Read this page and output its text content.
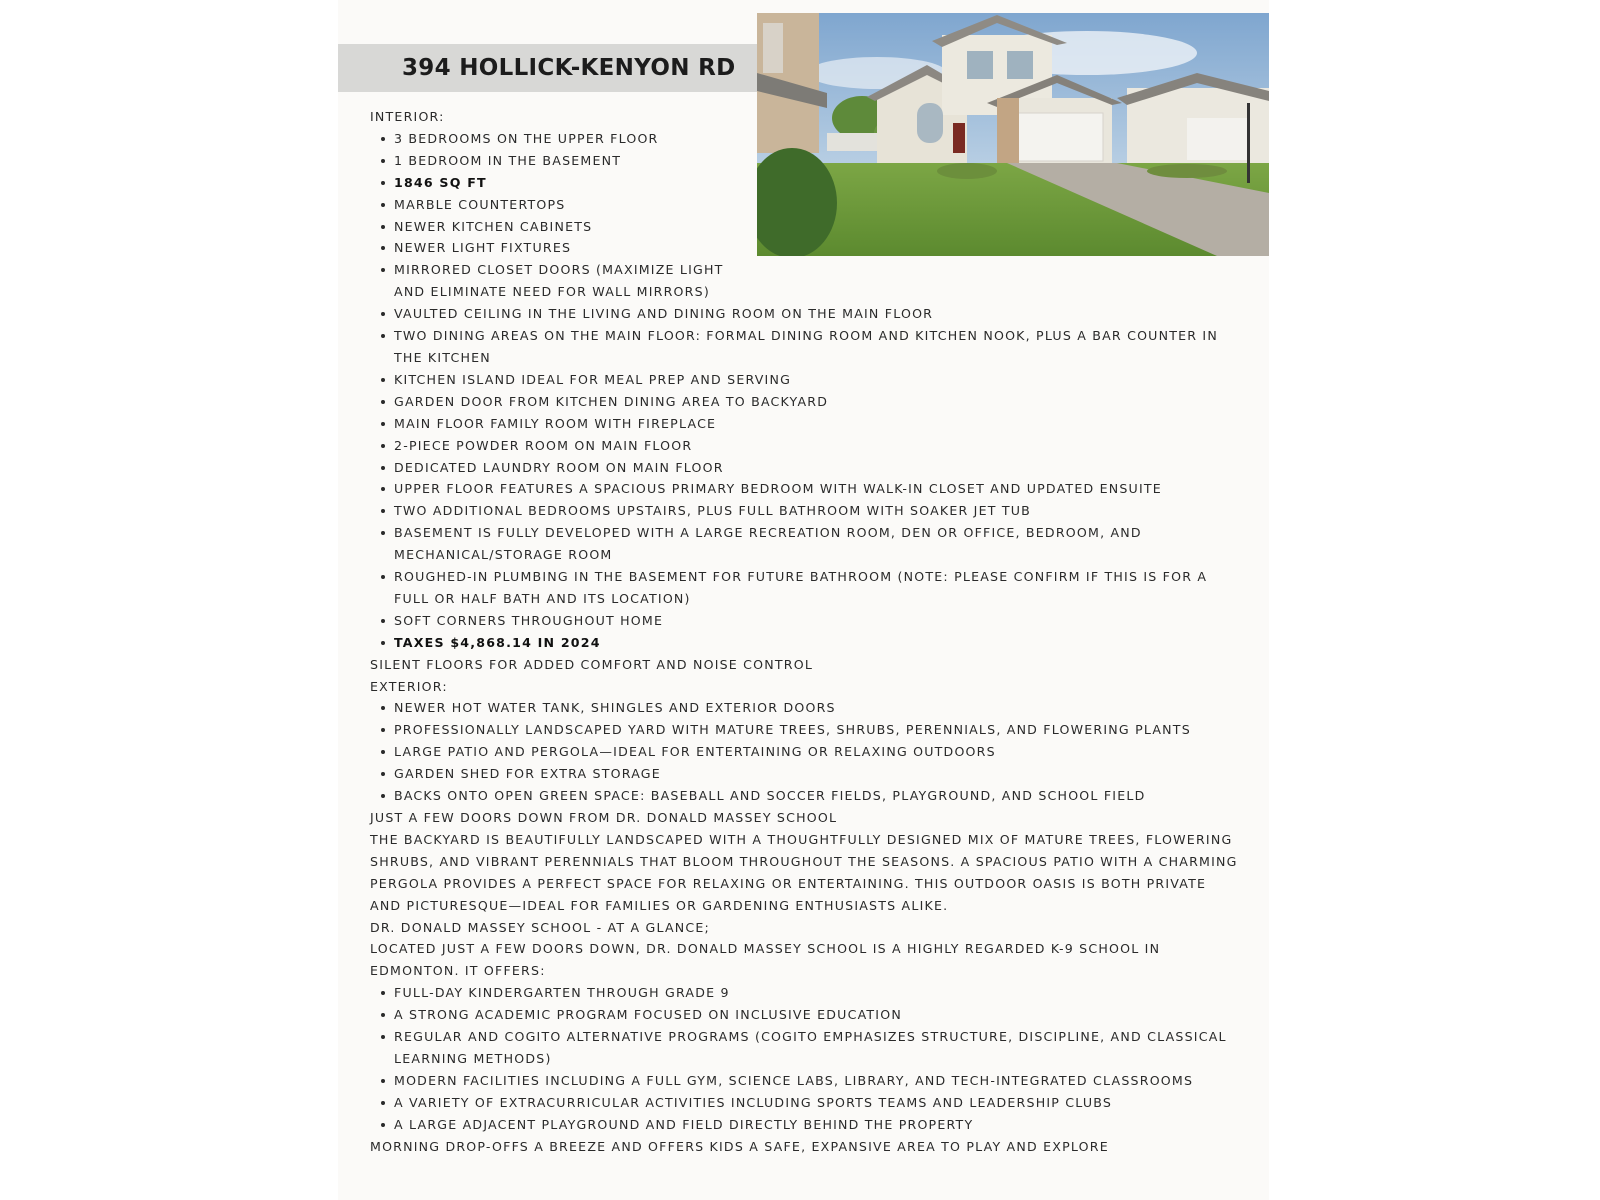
394 HOLLICK-KENYON RD

INTERIOR:

3 BEDROOMS ON THE UPPER FLOOR
1 BEDROOM IN THE BASEMENT
1846 SQ FT
MARBLE COUNTERTOPS
NEWER KITCHEN CABINETS
NEWER LIGHT FIXTURES
MIRRORED CLOSET DOORS (MAXIMIZE LIGHT AND ELIMINATE NEED FOR WALL MIRRORS)
VAULTED CEILING IN THE LIVING AND DINING ROOM ON THE MAIN FLOOR
TWO DINING AREAS ON THE MAIN FLOOR: FORMAL DINING ROOM AND KITCHEN NOOK, PLUS A BAR COUNTER IN THE KITCHEN
KITCHEN ISLAND IDEAL FOR MEAL PREP AND SERVING
GARDEN DOOR FROM KITCHEN DINING AREA TO BACKYARD
MAIN FLOOR FAMILY ROOM WITH FIREPLACE
2-PIECE POWDER ROOM ON MAIN FLOOR
DEDICATED LAUNDRY ROOM ON MAIN FLOOR
UPPER FLOOR FEATURES A SPACIOUS PRIMARY BEDROOM WITH WALK-IN CLOSET AND UPDATED ENSUITE
TWO ADDITIONAL BEDROOMS UPSTAIRS, PLUS FULL BATHROOM WITH SOAKER JET TUB
BASEMENT IS FULLY DEVELOPED WITH A LARGE RECREATION ROOM, DEN OR OFFICE, BEDROOM, AND MECHANICAL/STORAGE ROOM
ROUGHED-IN PLUMBING IN THE BASEMENT FOR FUTURE BATHROOM (NOTE: PLEASE CONFIRM IF THIS IS FOR A FULL OR HALF BATH AND ITS LOCATION)
SOFT CORNERS THROUGHOUT HOME
TAXES $4,868.14 IN 2024

SILENT FLOORS FOR ADDED COMFORT AND NOISE CONTROL

EXTERIOR:

NEWER HOT WATER TANK, SHINGLES AND EXTERIOR DOORS
PROFESSIONALLY LANDSCAPED YARD WITH MATURE TREES, SHRUBS, PERENNIALS, AND FLOWERING PLANTS
LARGE PATIO AND PERGOLA—IDEAL FOR ENTERTAINING OR RELAXING OUTDOORS
GARDEN SHED FOR EXTRA STORAGE
BACKS ONTO OPEN GREEN SPACE: BASEBALL AND SOCCER FIELDS, PLAYGROUND, AND SCHOOL FIELD

JUST A FEW DOORS DOWN FROM DR. DONALD MASSEY SCHOOL

THE BACKYARD IS BEAUTIFULLY LANDSCAPED WITH A THOUGHTFULLY DESIGNED MIX OF MATURE TREES, FLOWERING SHRUBS, AND VIBRANT PERENNIALS THAT BLOOM THROUGHOUT THE SEASONS. A SPACIOUS PATIO WITH A CHARMING PERGOLA PROVIDES A PERFECT SPACE FOR RELAXING OR ENTERTAINING. THIS OUTDOOR OASIS IS BOTH PRIVATE AND PICTURESQUE—IDEAL FOR FAMILIES OR GARDENING ENTHUSIASTS ALIKE.

DR. DONALD MASSEY SCHOOL - AT A GLANCE;

LOCATED JUST A FEW DOORS DOWN, DR. DONALD MASSEY SCHOOL IS A HIGHLY REGARDED K-9 SCHOOL IN EDMONTON. IT OFFERS:

FULL-DAY KINDERGARTEN THROUGH GRADE 9
A STRONG ACADEMIC PROGRAM FOCUSED ON INCLUSIVE EDUCATION
REGULAR AND COGITO ALTERNATIVE PROGRAMS (COGITO EMPHASIZES STRUCTURE, DISCIPLINE, AND CLASSICAL LEARNING METHODS)
MODERN FACILITIES INCLUDING A FULL GYM, SCIENCE LABS, LIBRARY, AND TECH-INTEGRATED CLASSROOMS
A VARIETY OF EXTRACURRICULAR ACTIVITIES INCLUDING SPORTS TEAMS AND LEADERSHIP CLUBS
A LARGE ADJACENT PLAYGROUND AND FIELD DIRECTLY BEHIND THE PROPERTY

MORNING DROP-OFFS A BREEZE AND OFFERS KIDS A SAFE, EXPANSIVE AREA TO PLAY AND EXPLORE
